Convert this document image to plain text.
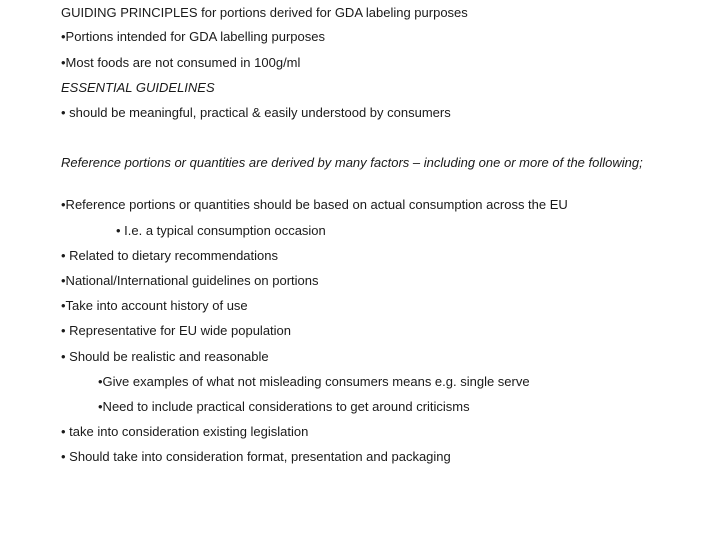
GUIDING PRINCIPLES for portions derived for GDA labeling purposes
•Portions intended for GDA labelling purposes
•Most foods are not consumed in 100g/ml
ESSENTIAL GUIDELINES
• should be meaningful, practical & easily understood by consumers
Reference portions or quantities are derived by many factors – including one or more of the following;
•Reference portions or quantities should be based on actual consumption across the EU
• I.e. a typical consumption occasion
• Related to dietary recommendations
•National/International guidelines on portions
•Take into account history of use
• Representative for EU wide population
• Should be realistic and reasonable
•Give examples of what not misleading consumers means e.g. single serve
•Need to include practical considerations to get around criticisms
• take into consideration existing legislation
• Should take into consideration format, presentation and packaging
